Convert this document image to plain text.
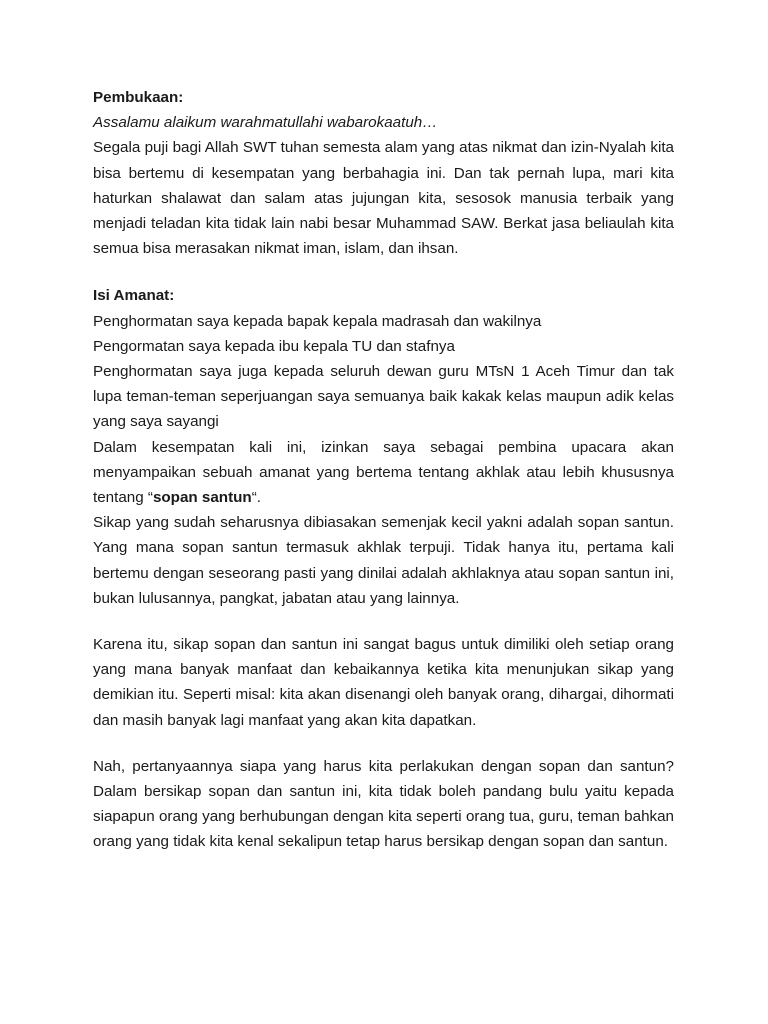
Pembukaan:

Assalamu alaikum warahmatullahi wabarokaatuh…

Segala puji bagi Allah SWT tuhan semesta alam yang atas nikmat dan izin-Nyalah kita bisa bertemu di kesempatan yang berbahagia ini. Dan tak pernah lupa, mari kita haturkan shalawat dan salam atas jujungan kita, sesosok manusia terbaik yang menjadi teladan kita tidak lain nabi besar Muhammad SAW. Berkat jasa beliaulah kita semua bisa merasakan nikmat iman, islam, dan ihsan.

Isi Amanat:

Penghormatan saya kepada bapak kepala madrasah dan wakilnya

Pengormatan saya kepada ibu kepala TU dan stafnya

Penghormatan saya juga kepada seluruh dewan guru MTsN 1 Aceh Timur dan tak lupa teman-teman seperjuangan saya semuanya baik kakak kelas maupun adik kelas yang saya sayangi

Dalam kesempatan kali ini, izinkan saya sebagai pembina upacara akan menyampaikan sebuah amanat yang bertema tentang akhlak atau lebih khususnya tentang “sopan santun“.

Sikap yang sudah seharusnya dibiasakan semenjak kecil yakni adalah sopan santun. Yang mana sopan santun termasuk akhlak terpuji. Tidak hanya itu, pertama kali bertemu dengan seseorang pasti yang dinilai adalah akhlaknya atau sopan santun ini, bukan lulusannya, pangkat, jabatan atau yang lainnya.

Karena itu, sikap sopan dan santun ini sangat bagus untuk dimiliki oleh setiap orang yang mana banyak manfaat dan kebaikannya ketika kita menunjukan sikap yang demikian itu. Seperti misal: kita akan disenangi oleh banyak orang, dihargai, dihormati dan masih banyak lagi manfaat yang akan kita dapatkan.

Nah, pertanyaannya siapa yang harus kita perlakukan dengan sopan dan santun? Dalam bersikap sopan dan santun ini, kita tidak boleh pandang bulu yaitu kepada siapapun orang yang berhubungan dengan kita seperti orang tua, guru, teman bahkan orang yang tidak kita kenal sekalipun tetap harus bersikap dengan sopan dan santun.
